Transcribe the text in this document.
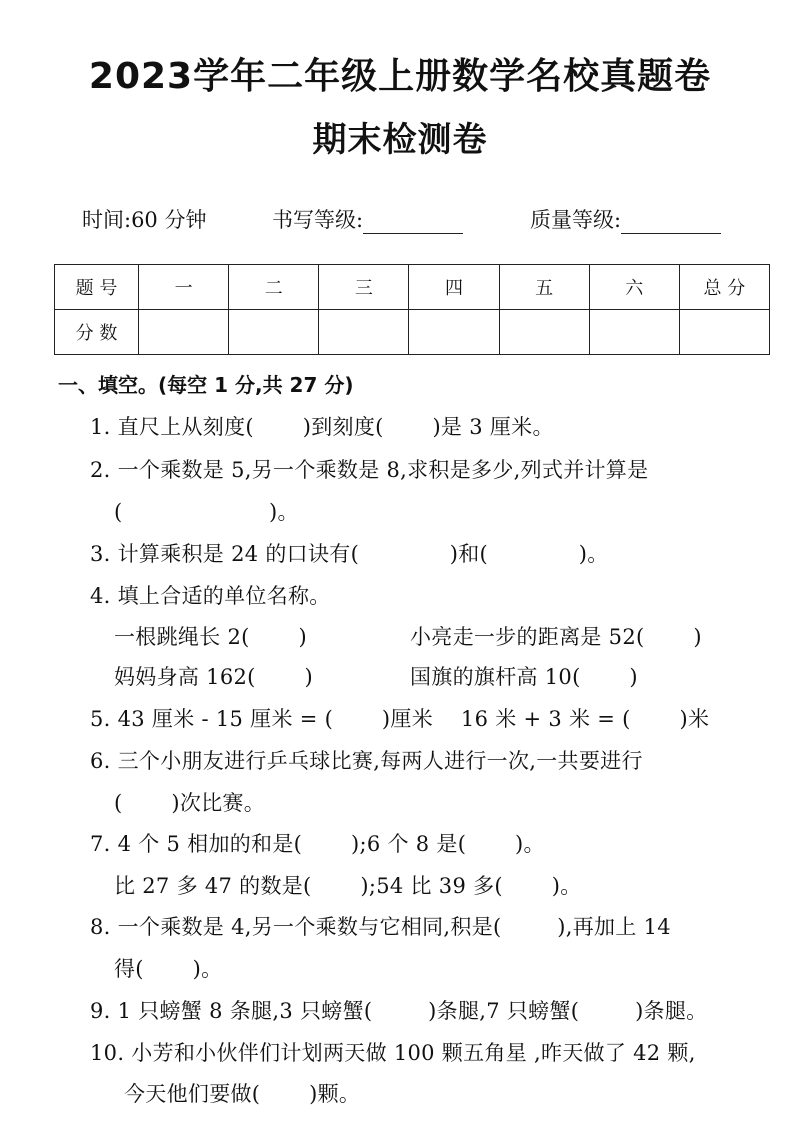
2023学年二年级上册数学名校真题卷
期末检测卷
时间:60 分钟	书写等级:	质量等级:
题 号	一	二	三	四	五	六	总 分
分 数							
一、填空。(每空 1 分,共 27 分)
1. 直尺上从刻度(       )到刻度(       )是 3 厘米。
2. 一个乘数是 5,另一个乘数是 8,求积是多少,列式并计算是
(                     )。
3. 计算乘积是 24 的口诀有(             )和(             )。
4. 填上合适的单位名称。
一根跳绳长 2(       )	小亮走一步的距离是 52(       )
妈妈身高 162(       )	国旗的旗杆高 10(       )
5. 43 厘米 - 15 厘米 = (       )厘米    16 米 + 3 米 = (       )米
6. 三个小朋友进行乒乓球比赛,每两人进行一次,一共要进行
(       )次比赛。
7. 4 个 5 相加的和是(       );6 个 8 是(       )。
比 27 多 47 的数是(       );54 比 39 多(       )。
8. 一个乘数是 4,另一个乘数与它相同,积是(        ),再加上 14
得(       )。
9. 1 只螃蟹 8 条腿,3 只螃蟹(        )条腿,7 只螃蟹(        )条腿。
10. 小芳和小伙伴们计划两天做 100 颗五角星 ,昨天做了 42 颗,
今天他们要做(       )颗。
